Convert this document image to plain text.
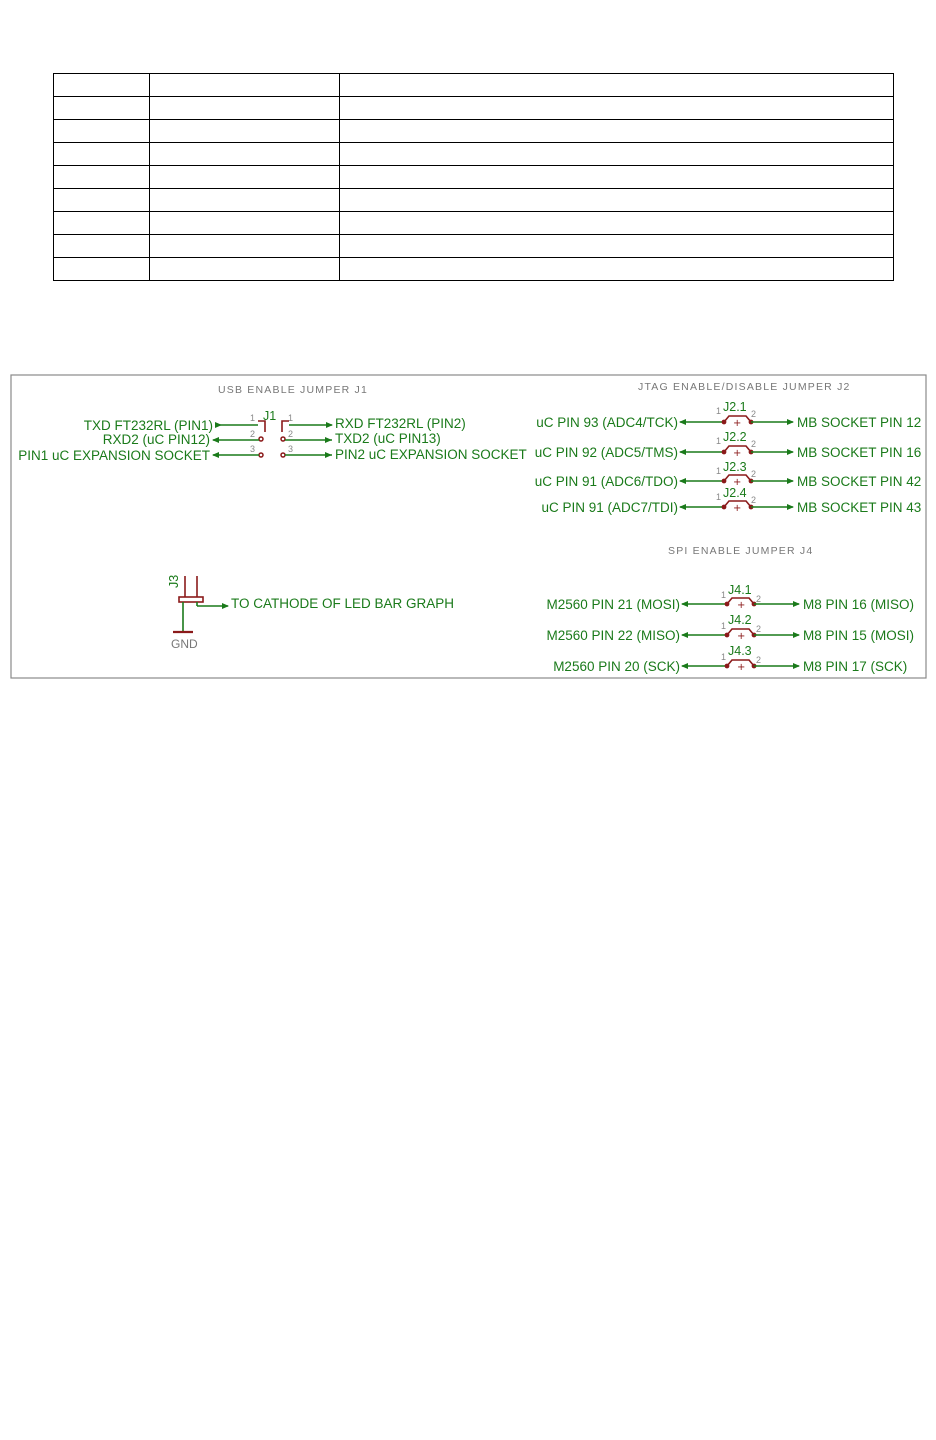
USB ENABLE JUMPER J1
J1
1
2
3
1
2
3
TXD FT232RL (PIN1)
RXD2 (uC PIN12)
PIN1 uC EXPANSION SOCKET
RXD FT232RL (PIN2)
TXD2 (uC PIN13)
PIN2 uC EXPANSION SOCKET
JTAG ENABLE/DISABLE JUMPER J2
J2.1
1	2
uC PIN 93 (ADC4/TCK)	+	MB SOCKET PIN 12
J2.2
1	2
uC PIN 92 (ADC5/TMS)	+	MB SOCKET PIN 16
J2.3
1	2
uC PIN 91 (ADC6/TDO)	+	MB SOCKET PIN 42
J2.4
1	2
uC PIN 91 (ADC7/TDI)	+	MB SOCKET PIN 43
SPI ENABLE JUMPER J4
J4.1
1	2
M2560 PIN 21 (MOSI)	+	M8 PIN 16 (MISO)
J4.2
1	2
M2560 PIN 22 (MISO)	+	M8 PIN 15 (MOSI)
J4.3
1	2
M2560 PIN 20 (SCK)	+	M8 PIN 17 (SCK)
J3
TO CATHODE OF LED BAR GRAPH
GND
